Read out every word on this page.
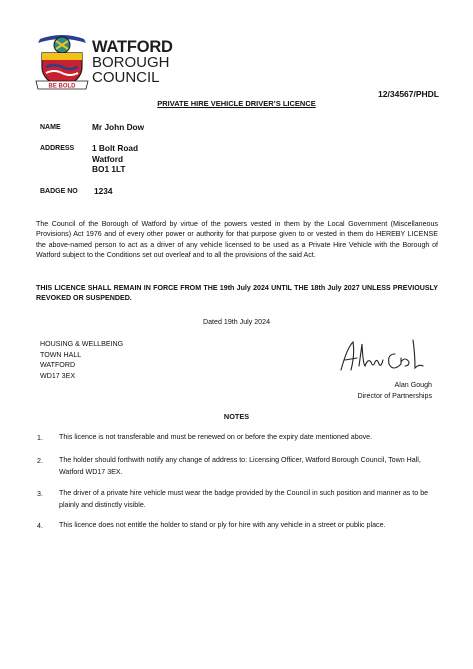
BE BOLD
WATFORD
BOROUGH
COUNCIL
12/34567/PHDL
PRIVATE HIRE VEHICLE DRIVER’S LICENCE
NAME	Mr John Dow
ADDRESS 1 Bolt Road
Watford
BO1 1LT
BADGE NO 1234
The Council of the Borough of Watford by virtue of the powers vested in them by the Local Government (Miscellaneous Provisions) Act 1976 and of every other power or authority for that purpose given to or vested in them do HEREBY LICENSE the above-named person to act as a driver of any vehicle licensed to be used as a Private Hire Vehicle with the Borough of Watford subject to the Conditions set out overleaf and to all the provisions of the said Act.
THIS LICENCE SHALL REMAIN IN FORCE FROM THE 19th July 2024 UNTIL THE 18th July 2027 UNLESS PREVIOUSLY REVOKED OR SUSPENDED.
Dated 19th July 2024
HOUSING & WELLBEING
TOWN HALL
WATFORD
WD17 3EX
Alan Gough
Director of Partnerships
NOTES
1. This licence is not transferable and must be renewed on or before the expiry date mentioned above.
2. The holder should forthwith notify any change of address to: Licensing Officer, Watford Borough Council, Town Hall, Watford WD17 3EX.
3. The driver of a private hire vehicle must wear the badge provided by the Council in such position and manner as to be plainly and distinctly visible.
4. This licence does not entitle the holder to stand or ply for hire with any vehicle in a street or public place.
